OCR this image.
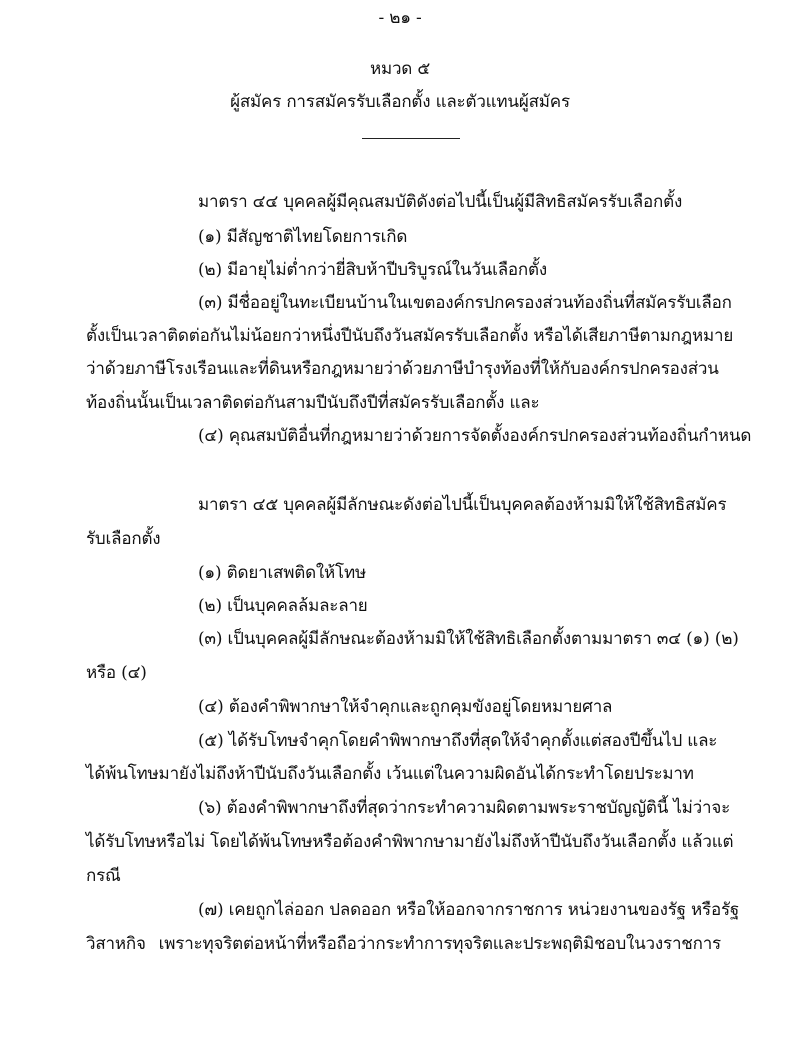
- ๒๑ -
หมวด ๕
ผู้สมัคร การสมัครรับเลือกตั้ง และตัวแทนผู้สมัคร
มาตรา ๔๔ บุคคลผู้มีคุณสมบัติดังต่อไปนี้เป็นผู้มีสิทธิสมัครรับเลือกตั้ง
(๑) มีสัญชาติไทยโดยการเกิด
(๒) มีอายุไม่ต่ำกว่ายี่สิบห้าปีบริบูรณ์ในวันเลือกตั้ง
(๓) มีชื่ออยู่ในทะเบียนบ้านในเขตองค์กรปกครองส่วนท้องถิ่นที่สมัครรับเลือก
ตั้งเป็นเวลาติดต่อกันไม่น้อยกว่าหนึ่งปีนับถึงวันสมัครรับเลือกตั้ง หรือได้เสียภาษีตามกฎหมาย
ว่าด้วยภาษีโรงเรือนและที่ดินหรือกฎหมายว่าด้วยภาษีบำรุงท้องที่ให้กับองค์กรปกครองส่วน
ท้องถิ่นนั้นเป็นเวลาติดต่อกันสามปีนับถึงปีที่สมัครรับเลือกตั้ง และ
(๔) คุณสมบัติอื่นที่กฎหมายว่าด้วยการจัดตั้งองค์กรปกครองส่วนท้องถิ่นกำหนด
มาตรา ๔๕ บุคคลผู้มีลักษณะดังต่อไปนี้เป็นบุคคลต้องห้ามมิให้ใช้สิทธิสมัคร
รับเลือกตั้ง
(๑) ติดยาเสพติดให้โทษ
(๒) เป็นบุคคลล้มละลาย
(๓) เป็นบุคคลผู้มีลักษณะต้องห้ามมิให้ใช้สิทธิเลือกตั้งตามมาตรา ๓๔ (๑) (๒)
หรือ (๔)
(๔) ต้องคำพิพากษาให้จำคุกและถูกคุมขังอยู่โดยหมายศาล
(๕) ได้รับโทษจำคุกโดยคำพิพากษาถึงที่สุดให้จำคุกตั้งแต่สองปีขึ้นไป และ
ได้พ้นโทษมายังไม่ถึงห้าปีนับถึงวันเลือกตั้ง เว้นแต่ในความผิดอันได้กระทำโดยประมาท
(๖) ต้องคำพิพากษาถึงที่สุดว่ากระทำความผิดตามพระราชบัญญัตินี้ ไม่ว่าจะ
ได้รับโทษหรือไม่ โดยได้พ้นโทษหรือต้องคำพิพากษามายังไม่ถึงห้าปีนับถึงวันเลือกตั้ง แล้วแต่
กรณี
(๗) เคยถูกไล่ออก ปลดออก หรือให้ออกจากราชการ หน่วยงานของรัฐ หรือรัฐ
วิสาหกิจ เพราะทุจริตต่อหน้าที่หรือถือว่ากระทำการทุจริตและประพฤติมิชอบในวงราชการ
